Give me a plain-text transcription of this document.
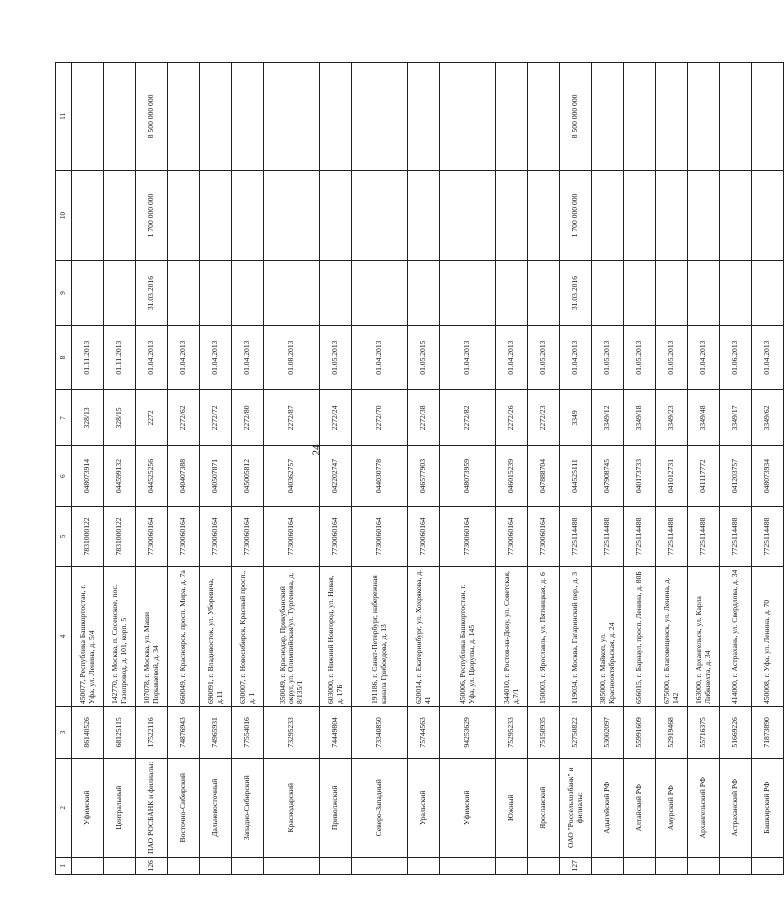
24
1	2	3	4	5	6	7	8	9	10	11
	Уфимский	86140526	450077, Республика Башкортостан, г. Уфа, ул. Ленина, д. 5/4	7831000122	048073914	328/13	01.11.2013			
	Центральный	68125115	142770, г. Москва, п. Сосенское, пос. Газопровод, д. 101, корп. 5	7831000122	044599132	328/15	01.11.2013			
126	ПАО РОСБАНК и филиалы:	17522116	107078, г. Москва, ул. Маши Порываевой, д. 34	7730060164	044525256	2272	01.04.2013	31.03.2016	1 700 000 000	8 500 000 000
	Восточно-Сибирский	74876943	660049, г. Красноярск, просп. Мира, д. 7а	7730060164	040407388	2272/62	01.04.2013			
	Дальневосточный	74965931	690091, г. Владивосток, ул. Уборевича, д.11	7730060164	040507871	2272/72	01.04.2013			
	Западно-Сибирский	77554016	630007, г. Новосибирск, Красный просп., д. 1	7730060164	045005812	2272/80	01.04.2013			
	Краснодарский	73295233	350049, г. Краснодар, Прикубанский округ, ул. Олимпийская/ул. Тургенева, д. 8/135/1	7730060164	040362757	2272/87	01.08.2013			
	Приволжский	74449804	603000, г. Нижний Новгород, ул. Новая, д. 17Б	7730060164	042202747	2272/24	01.05.2013			
	Северо-Западный	73340850	191186, г. Санкт-Петербург, набережная канала Грибоедова, д. 13	7730060164	044030778	2272/70	01.04.2013			
	Уральский	75744563	620014, г. Екатеринбург, ул. Хохрякова, д. 41	7730060164	046577903	2272/38	01.05.2015			
	Уфимский	94253629	450006, Республика Башкортостан, г. Уфа, ул. Цюрупы, д. 145	7730060164	048073959	2272/82	01.04.2013			
	Южный	75295233	344010, г. Ростов-на-Дону, ул. Советская, д.7/1	7730060164	046015239	2272/26	01.04.2013			
	Ярославский	75150935	150003, г. Ярославль, ул. Пятницкая, д. 6	7730060164	047888704	2272/23	01.05.2013			
127	ОАО "Россельхозбанк" и филиалы:	52750822	119034, г. Москва, Гагаринский пер., д. 3	7725114488	044525111	3349	01.04.2013	31.03.2016	1 700 000 000	8 500 000 000
	Адыгейский РФ	53002097	385000, г. Майкоп, ул. Краснооктябрьская, д. 24	7725114488	047908745	3349/12	01.05.2013			
	Алтайский РФ	55991609	656015, г. Барнаул, просп. Ленина, д. 80Б	7725114488	040173733	3349/18	01.05.2013			
	Амурский РФ	52919468	675000, г. Благовещенск, ул. Ленина, д. 142	7725114488	041012731	3349/23	01.05.2013			
	Архангельский РФ	55716375	163000, г. Архангельск, ул. Карла Либкнехта, д. 34	7725114488	041117772	3349/48	01.04.2013			
	Астраханский РФ	51669226	414000, г. Астрахань, ул. Свердлова, д. 34	7725114488	041203757	3349/17	01.06.2013			
	Башкирский РФ	71873890	450008, г. Уфа, ул. Ленина, д. 70	7725114488	048073934	3349/62	01.04.2013			
